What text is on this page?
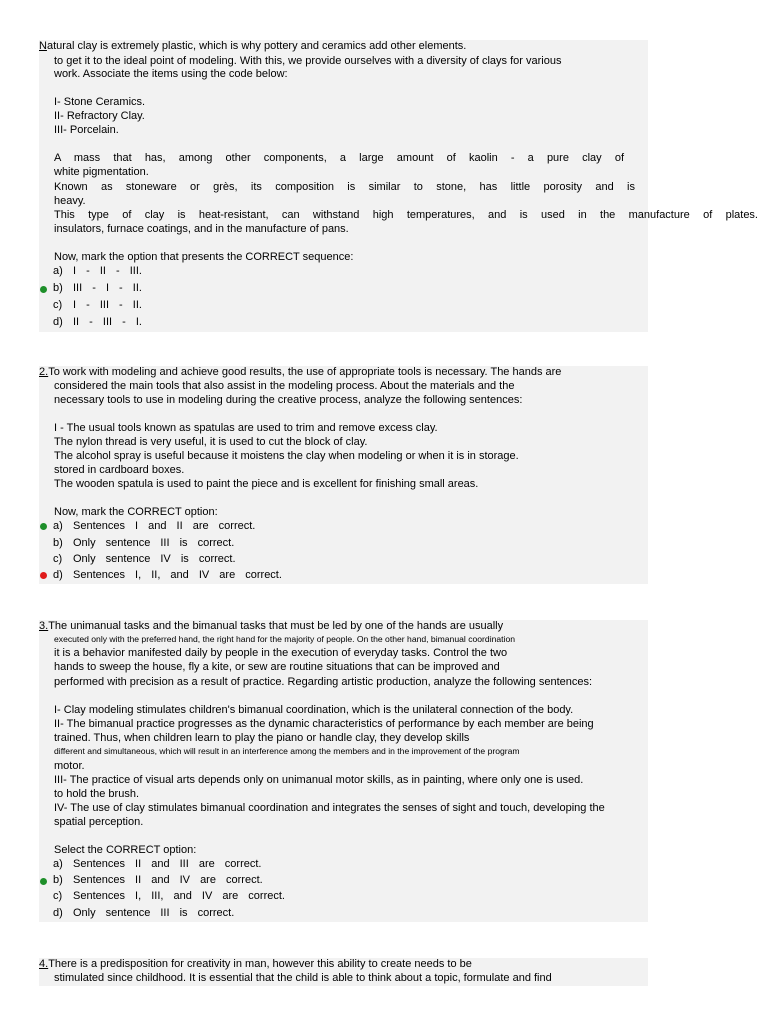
Natural clay is extremely plastic, which is why pottery and ceramics add other elements.
to get it to the ideal point of modeling. With this, we provide ourselves with a diversity of clays for various
work. Associate the items using the code below:
I- Stone Ceramics.
II- Refractory Clay.
III- Porcelain.
A mass that has, among other components, a large amount of kaolin - a pure clay of
white pigmentation.
Known as stoneware or grès, its composition is similar to stone, has little porosity and is
heavy.
This type of clay is heat-resistant, can withstand high temperatures, and is used in the manufacture of plates.
insulators, furnace coatings, and in the manufacture of pans.
Now, mark the option that presents the CORRECT sequence:
a) I - II - III.
b) III - I - II.
c) I - III - II.
d) II - III - I.
2.To work with modeling and achieve good results, the use of appropriate tools is necessary. The hands are
considered the main tools that also assist in the modeling process. About the materials and the
necessary tools to use in modeling during the creative process, analyze the following sentences:
I - The usual tools known as spatulas are used to trim and remove excess clay.
The nylon thread is very useful, it is used to cut the block of clay.
The alcohol spray is useful because it moistens the clay when modeling or when it is in storage.
stored in cardboard boxes.
The wooden spatula is used to paint the piece and is excellent for finishing small areas.
Now, mark the CORRECT option:
a) Sentences I and II are correct.
b) Only sentence III is correct.
c) Only sentence IV is correct.
d) Sentences I, II, and IV are correct.
3.The unimanual tasks and the bimanual tasks that must be led by one of the hands are usually
executed only with the preferred hand, the right hand for the majority of people. On the other hand, bimanual coordination
it is a behavior manifested daily by people in the execution of everyday tasks. Control the two
hands to sweep the house, fly a kite, or sew are routine situations that can be improved and
performed with precision as a result of practice. Regarding artistic production, analyze the following sentences:
I- Clay modeling stimulates children's bimanual coordination, which is the unilateral connection of the body.
II- The bimanual practice progresses as the dynamic characteristics of performance by each member are being
trained. Thus, when children learn to play the piano or handle clay, they develop skills
different and simultaneous, which will result in an interference among the members and in the improvement of the program
motor.
III- The practice of visual arts depends only on unimanual motor skills, as in painting, where only one is used.
to hold the brush.
IV- The use of clay stimulates bimanual coordination and integrates the senses of sight and touch, developing the
spatial perception.
Select the CORRECT option:
a) Sentences II and III are correct.
b) Sentences II and IV are correct.
c) Sentences I, III, and IV are correct.
d) Only sentence III is correct.
4.There is a predisposition for creativity in man, however this ability to create needs to be
stimulated since childhood. It is essential that the child is able to think about a topic, formulate and find
